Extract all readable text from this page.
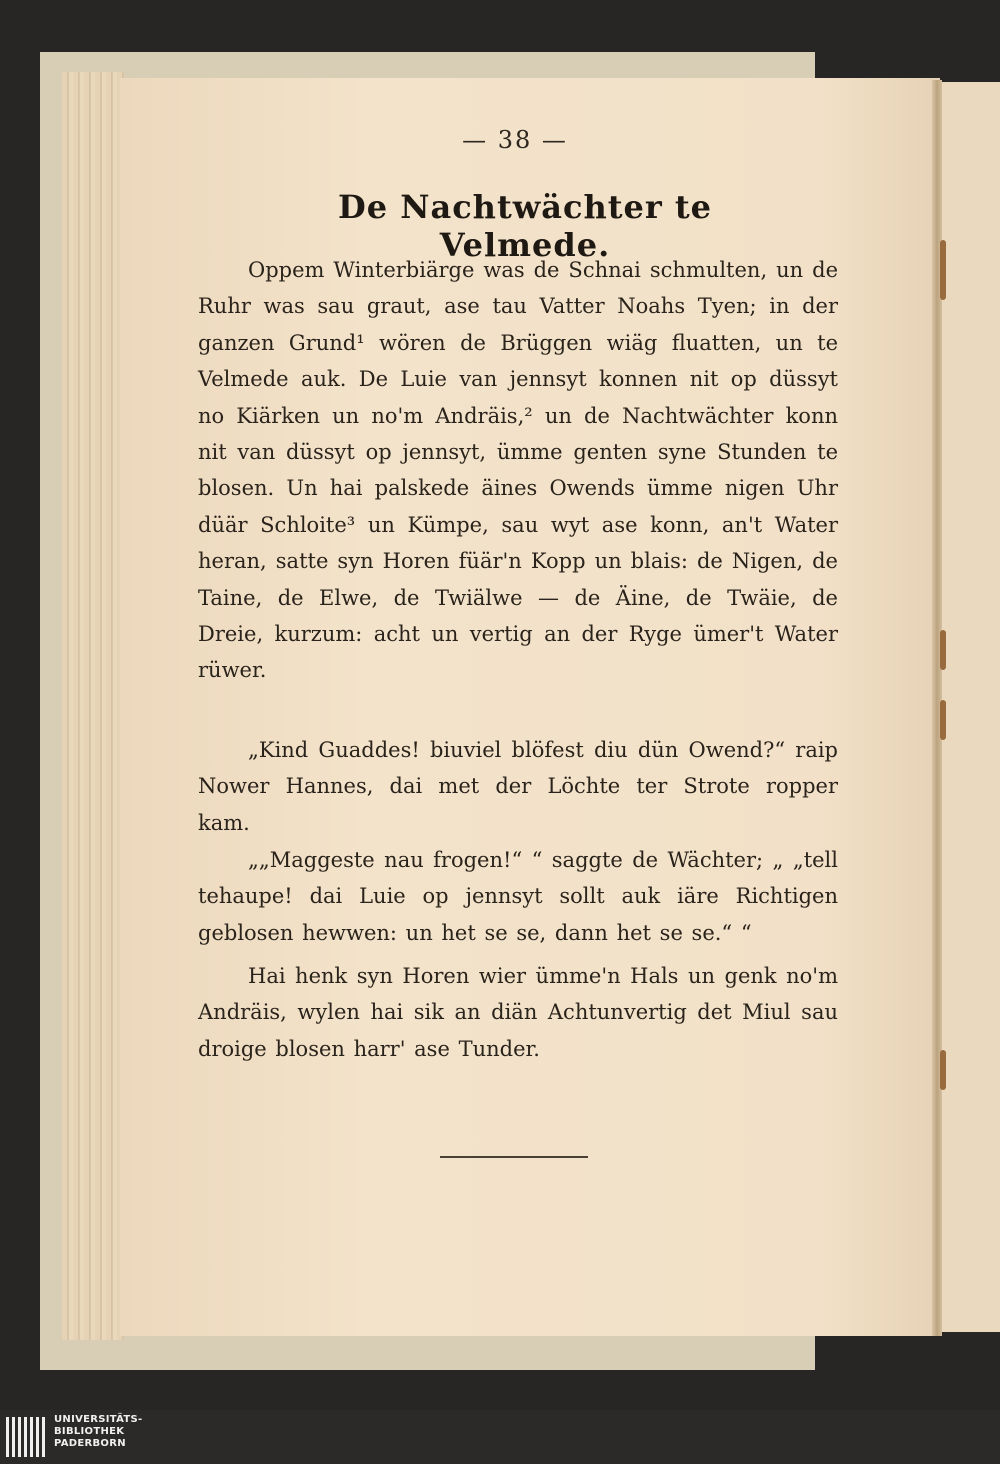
— 38 —
De Nachtwächter te Velmede.

Oppem Winterbiärge was de Schnai schmulten, un de Ruhr was sau graut, ase tau Vatter Noahs Tyen; in der ganzen Grund¹ wören de Brüggen wiäg fluatten, un te Velmede auk. De Luie van jennsyt konnen nit op düssyt no Kiärken un no'm Andräis,² un de Nachtwächter konn nit van düssyt op jennsyt, ümme genten syne Stunden te blosen. Un hai palskede äines Owends ümme nigen Uhr düär Schloite³ un Kümpe, sau wyt ase konn, an't Water heran, satte syn Horen füär'n Kopp un blais: de Nigen, de Taine, de Elwe, de Twiälwe — de Äine, de Twäie, de Dreie, kurzum: acht un vertig an der Ryge ümer't Water rüwer.

„Kind Guaddes! biuviel blöfest diu dün Owend?“ raip Nower Hannes, dai met der Löchte ter Strote ropper kam.

„„Maggeste nau frogen!“ “ saggte de Wächter; „ „tell tehaupe! dai Luie op jennsyt sollt auk iäre Richtigen geblosen hewwen: un het se se, dann het se se.“ “

Hai henk syn Horen wier ümme'n Hals un genk no'm Andräis, wylen hai sik an diän Achtunvertig det Miul sau droige blosen harr' ase Tunder.

UNIVERSITÄTS-
BIBLIOTHEK
PADERBORN
